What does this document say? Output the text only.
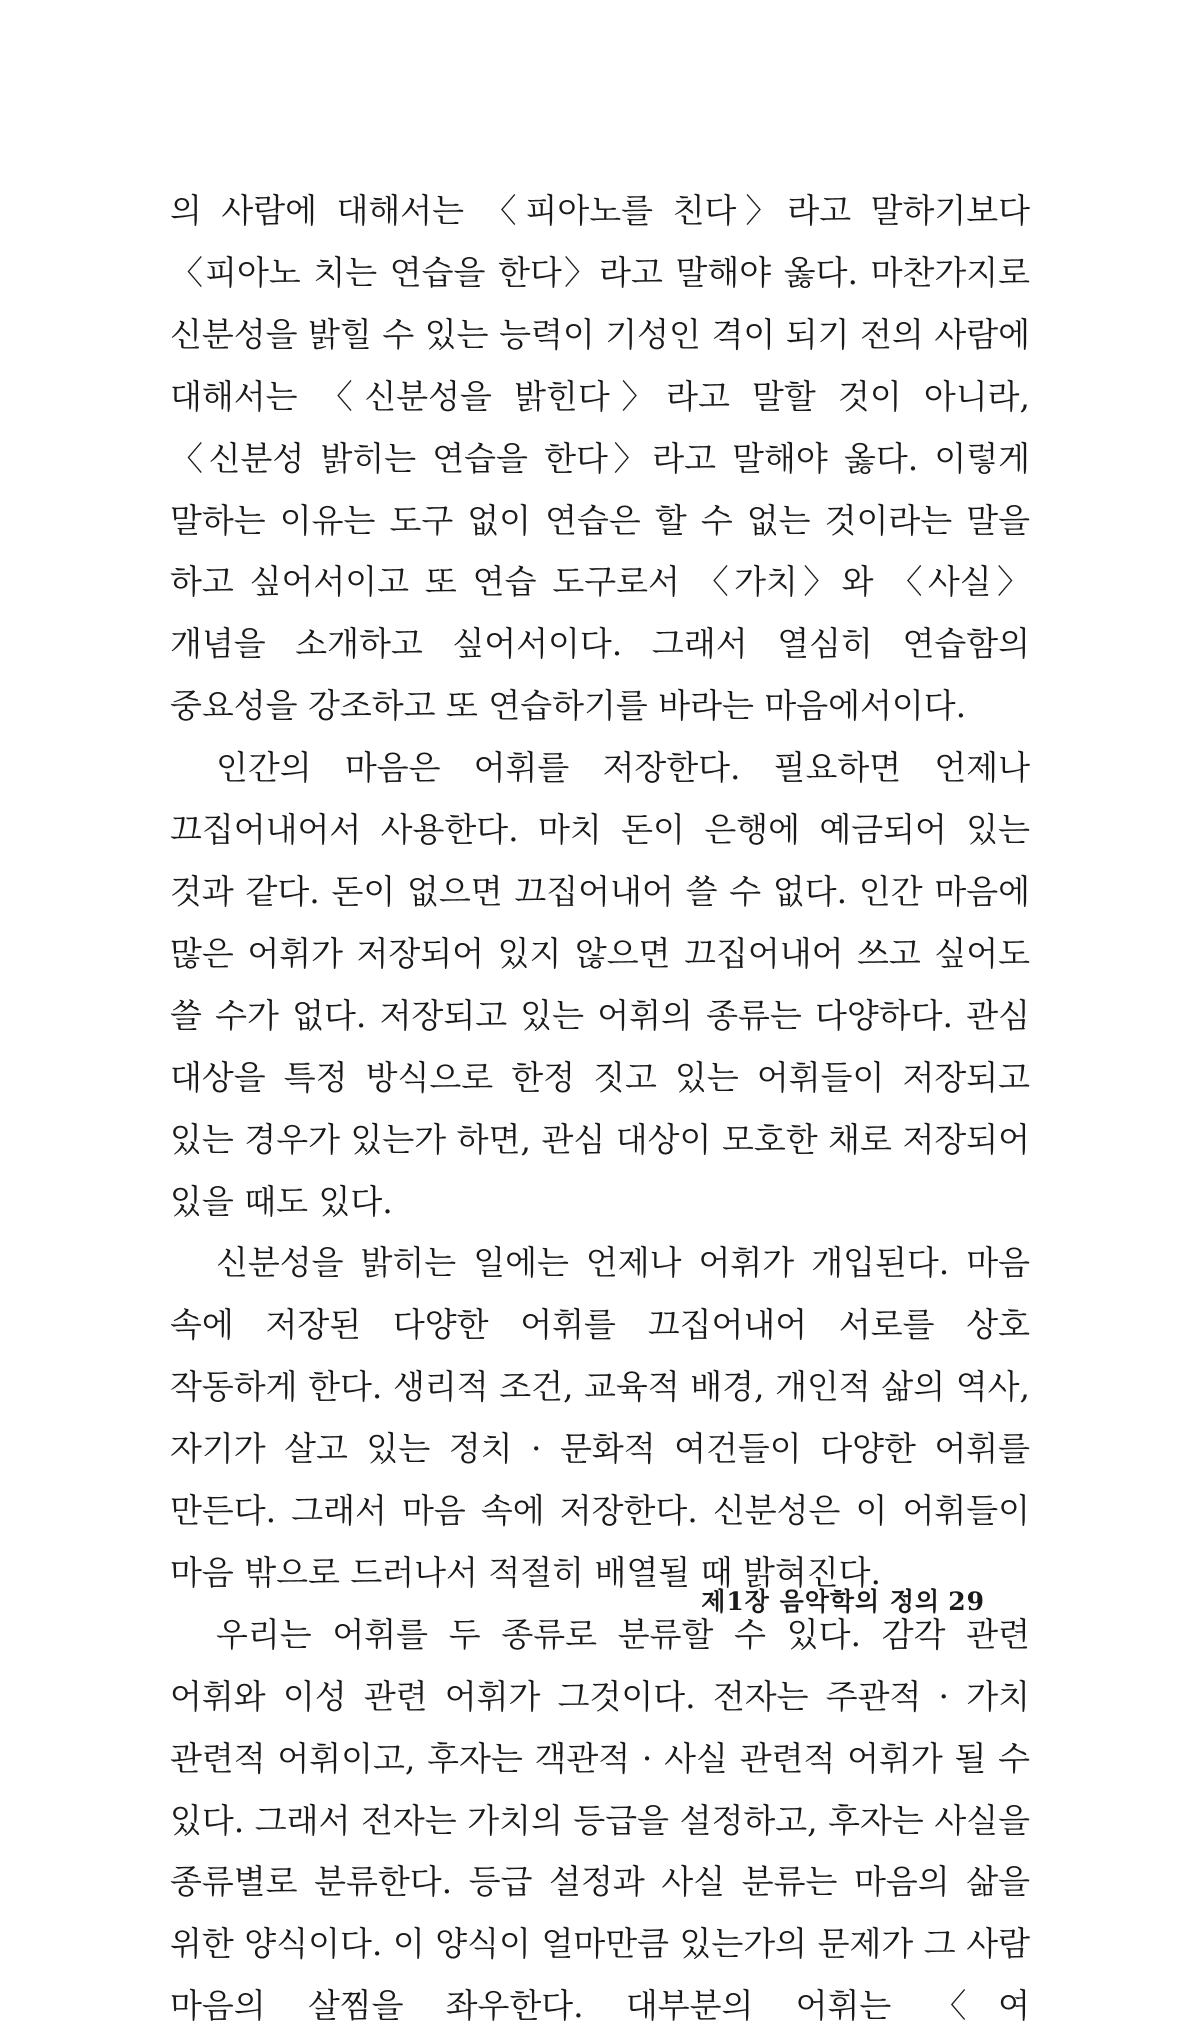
의 사람에 대해서는 〈피아노를 친다〉라고 말하기보다 〈피아노 치는 연습을 한다〉라고 말해야 옳다. 마찬가지로 신분성을 밝힐 수 있는 능력이 기성인 격이 되기 전의 사람에 대해서는 〈신분성을 밝힌다〉라고 말할 것이 아니라, 〈신분성 밝히는 연습을 한다〉라고 말해야 옳다. 이렇게 말하는 이유는 도구 없이 연습은 할 수 없는 것이라는 말을 하고 싶어서이고 또 연습 도구로서 〈가치〉와 〈사실〉 개념을 소개하고 싶어서이다. 그래서 열심히 연습함의 중요성을 강조하고 또 연습하기를 바라는 마음에서이다.

인간의 마음은 어휘를 저장한다. 필요하면 언제나 끄집어내어서 사용한다. 마치 돈이 은행에 예금되어 있는 것과 같다. 돈이 없으면 끄집어내어 쓸 수 없다. 인간 마음에 많은 어휘가 저장되어 있지 않으면 끄집어내어 쓰고 싶어도 쓸 수가 없다. 저장되고 있는 어휘의 종류는 다양하다. 관심 대상을 특정 방식으로 한정 짓고 있는 어휘들이 저장되고 있는 경우가 있는가 하면, 관심 대상이 모호한 채로 저장되어 있을 때도 있다.

신분성을 밝히는 일에는 언제나 어휘가 개입된다. 마음 속에 저장된 다양한 어휘를 끄집어내어 서로를 상호 작동하게 한다. 생리적 조건, 교육적 배경, 개인적 삶의 역사, 자기가 살고 있는 정치 · 문화적 여건들이 다양한 어휘를 만든다. 그래서 마음 속에 저장한다. 신분성은 이 어휘들이 마음 밖으로 드러나서 적절히 배열될 때 밝혀진다.

우리는 어휘를 두 종류로 분류할 수 있다. 감각 관련 어휘와 이성 관련 어휘가 그것이다. 전자는 주관적 · 가치 관련적 어휘이고, 후자는 객관적 · 사실 관련적 어휘가 될 수 있다. 그래서 전자는 가치의 등급을 설정하고, 후자는 사실을 종류별로 분류한다. 등급 설정과 사실 분류는 마음의 삶을 위한 양식이다. 이 양식이 얼마만큼 있는가의 문제가 그 사람 마음의 살찜을 좌우한다. 대부분의 어휘는 〈여

제1장 음악학의 정의 29
